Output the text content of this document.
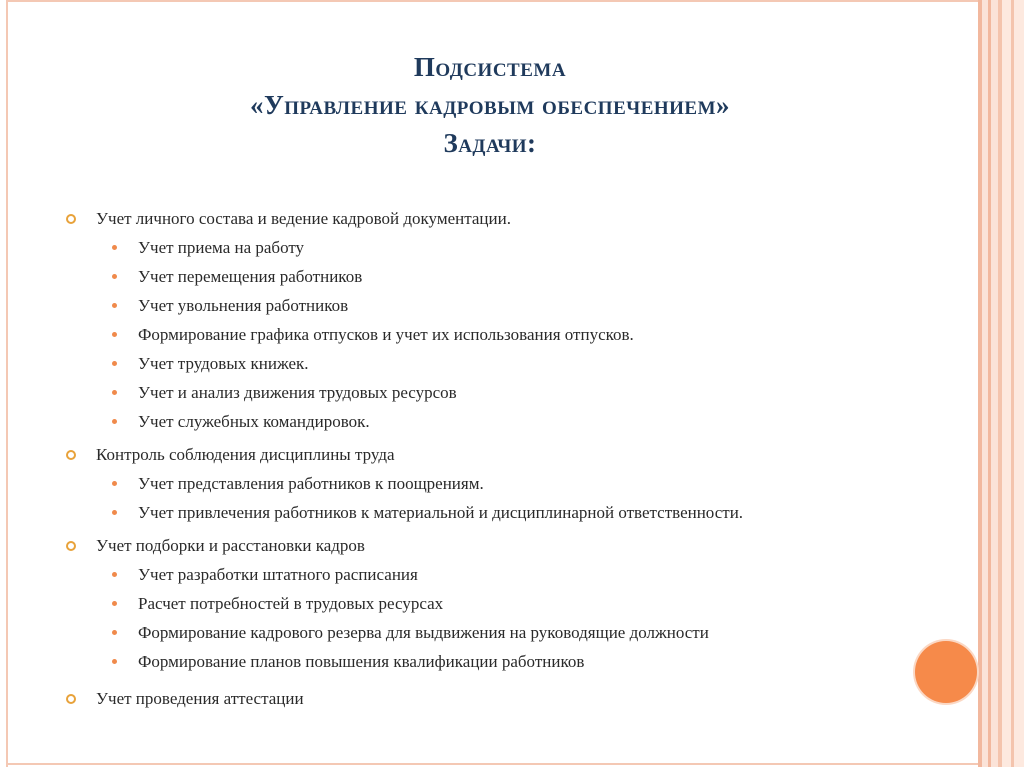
Подсистема
«Управление кадровым обеспечением»
Задачи:
Учет личного состава и ведение кадровой документации.
Учет приема на работу
Учет перемещения работников
Учет увольнения работников
Формирование графика отпусков и учет их использования отпусков.
Учет трудовых книжек.
Учет и анализ движения трудовых ресурсов
Учет служебных командировок.
Контроль соблюдения дисциплины труда
Учет представления работников к поощрениям.
Учет привлечения работников к материальной и дисциплинарной ответственности.
Учет подборки и расстановки кадров
Учет разработки штатного расписания
Расчет потребностей в трудовых ресурсах
Формирование кадрового резерва для выдвижения на руководящие должности
Формирование планов повышения квалификации работников
Учет проведения аттестации
